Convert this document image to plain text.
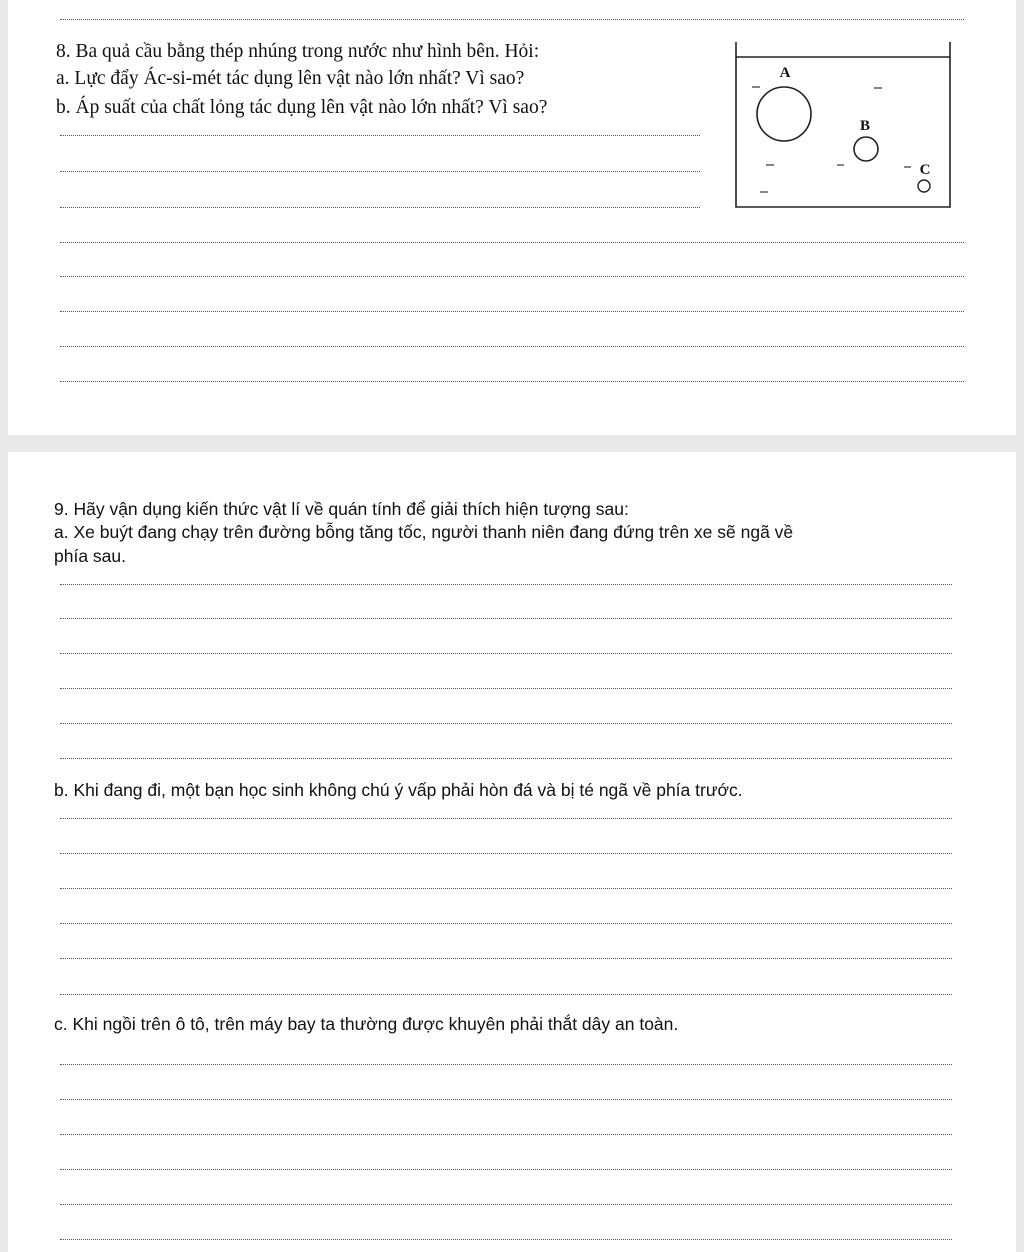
8. Ba quả cầu bằng thép nhúng trong nước như hình bên. Hỏi:
a. Lực đẩy Ác-si-mét tác dụng lên vật nào lớn nhất? Vì sao?
b. Áp suất của chất lỏng tác dụng lên vật nào lớn nhất? Vì sao?
A
B
C
9. Hãy vận dụng kiến thức vật lí về quán tính để giải thích hiện tượng sau:
a. Xe buýt đang chạy trên đường bỗng tăng tốc, người thanh niên đang đứng trên xe sẽ ngã về
phía sau.
b. Khi đang đi, một bạn học sinh không chú ý vấp phải hòn đá và bị té ngã về phía trước.
c. Khi ngồi trên ô tô, trên máy bay ta thường được khuyên phải thắt dây an toàn.
